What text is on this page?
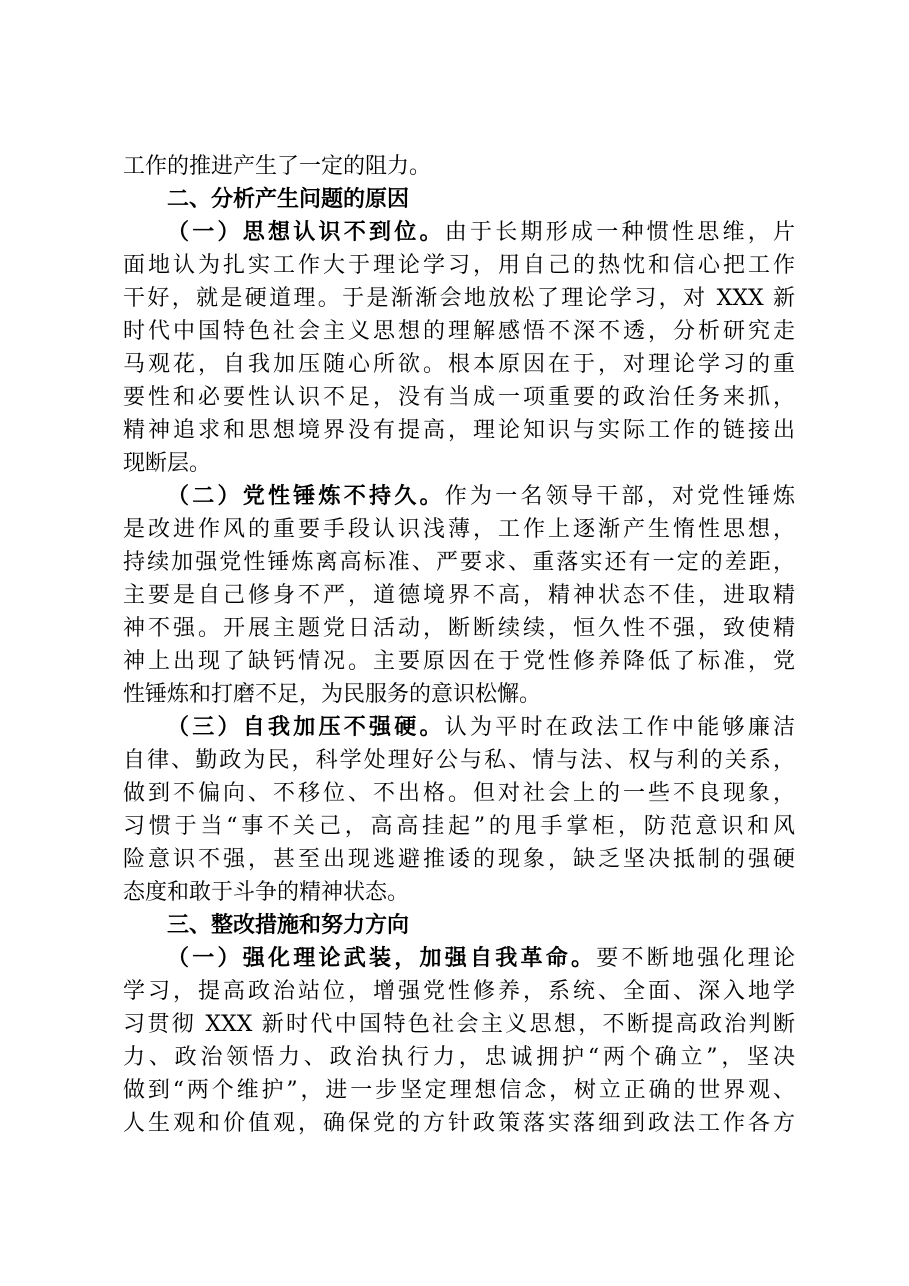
工作的推进产生了一定的阻力。
二、分析产生问题的原因
（一）思想认识不到位。由于长期形成一种惯性思维，片
面地认为扎实工作大于理论学习，用自己的热忱和信心把工作
干好，就是硬道理。于是渐渐会地放松了理论学习，对 XXX 新
时代中国特色社会主义思想的理解感悟不深不透，分析研究走
马观花，自我加压随心所欲。根本原因在于，对理论学习的重
要性和必要性认识不足，没有当成一项重要的政治任务来抓，
精神追求和思想境界没有提高，理论知识与实际工作的链接出
现断层。
（二）党性锤炼不持久。作为一名领导干部，对党性锤炼
是改进作风的重要手段认识浅薄，工作上逐渐产生惰性思想，
持续加强党性锤炼离高标准、严要求、重落实还有一定的差距，
主要是自己修身不严，道德境界不高，精神状态不佳，进取精
神不强。开展主题党日活动，断断续续，恒久性不强，致使精
神上出现了缺钙情况。主要原因在于党性修养降低了标准，党
性锤炼和打磨不足，为民服务的意识松懈。
（三）自我加压不强硬。认为平时在政法工作中能够廉洁
自律、勤政为民，科学处理好公与私、情与法、权与利的关系，
做到不偏向、不移位、不出格。但对社会上的一些不良现象，
习惯于当“事不关己，高高挂起”的甩手掌柜，防范意识和风
险意识不强，甚至出现逃避推诿的现象，缺乏坚决抵制的强硬
态度和敢于斗争的精神状态。
三、整改措施和努力方向
（一）强化理论武装，加强自我革命。要不断地强化理论
学习，提高政治站位，增强党性修养，系统、全面、深入地学
习贯彻 XXX 新时代中国特色社会主义思想，不断提高政治判断
力、政治领悟力、政治执行力，忠诚拥护“两个确立”，坚决
做到“两个维护”，进一步坚定理想信念，树立正确的世界观、
人生观和价值观，确保党的方针政策落实落细到政法工作各方
